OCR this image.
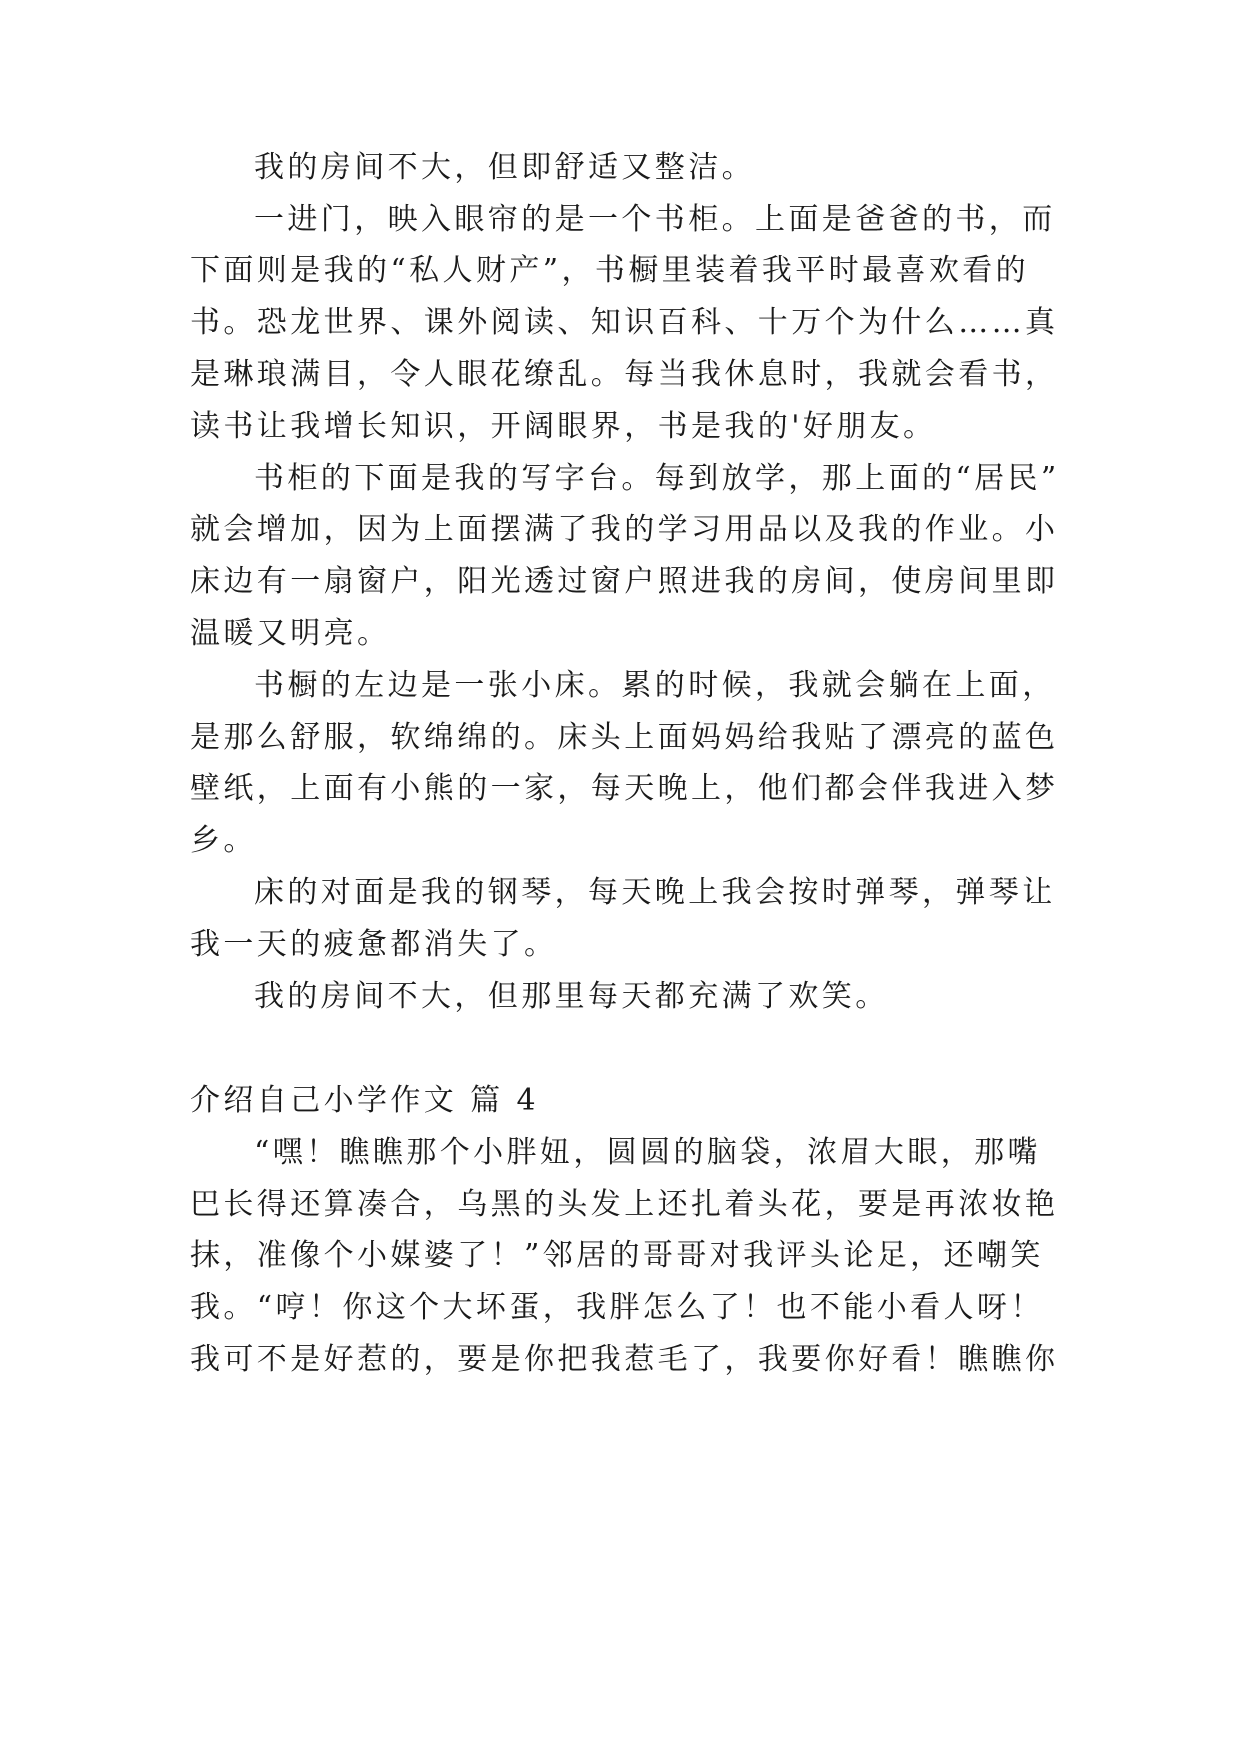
我的房间不大，但即舒适又整洁。

一进门，映入眼帘的是一个书柜。上面是爸爸的书，而

下面则是我的“私人财产”，书橱里装着我平时最喜欢看的

书。恐龙世界、课外阅读、知识百科、十万个为什么……真

是琳琅满目，令人眼花缭乱。每当我休息时，我就会看书，

读书让我增长知识，开阔眼界，书是我的'好朋友。

书柜的下面是我的写字台。每到放学，那上面的“居民”

就会增加，因为上面摆满了我的学习用品以及我的作业。小

床边有一扇窗户，阳光透过窗户照进我的房间，使房间里即

温暖又明亮。

书橱的左边是一张小床。累的时候，我就会躺在上面，

是那么舒服，软绵绵的。床头上面妈妈给我贴了漂亮的蓝色

壁纸，上面有小熊的一家，每天晚上，他们都会伴我进入梦

乡。

床的对面是我的钢琴，每天晚上我会按时弹琴，弹琴让

我一天的疲惫都消失了。

我的房间不大，但那里每天都充满了欢笑。

介绍自己小学作文 篇 4

“嘿！瞧瞧那个小胖妞，圆圆的脑袋，浓眉大眼，那嘴

巴长得还算凑合，乌黑的头发上还扎着头花，要是再浓妆艳

抹，准像个小媒婆了！”邻居的哥哥对我评头论足，还嘲笑

我。“哼！你这个大坏蛋，我胖怎么了！也不能小看人呀！

我可不是好惹的，要是你把我惹毛了，我要你好看！瞧瞧你
